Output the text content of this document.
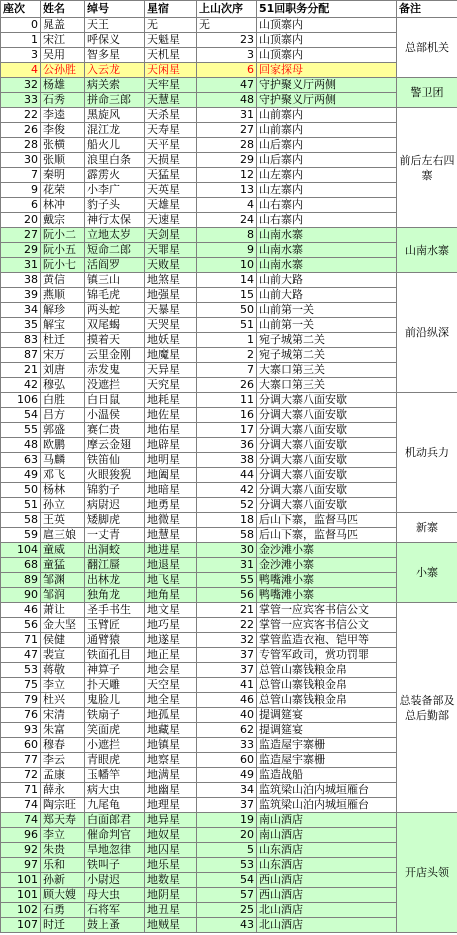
座次	姓名	绰号	星宿	上山次序	51回职务分配	备注
0	晁盖	天王	无	无	山顶寨内	总部机关
1	宋江	呼保义	天魁星	23	山顶寨内	
3	吴用	智多星	天机星	3	山顶寨内	
4	公孙胜	入云龙	天闲星	6	回家探母	
32	杨雄	病关索	天牢星	47	守护聚义厅两侧	警卫团
33	石秀	拼命三郎	天慧星	48	守护聚义厅两侧	
22	李逵	黑旋风	天杀星	31	山前寨内	前后左右四寨
26	李俊	混江龙	天寿星	27	山前寨内	
28	张横	船火儿	天平星	28	山后寨内	
30	张顺	浪里白条	天损星	29	山后寨内	
7	秦明	霹雳火	天猛星	12	山左寨内	
9	花荣	小李广	天英星	13	山左寨内	
6	林冲	豹子头	天雄星	4	山右寨内	
20	戴宗	神行太保	天速星	24	山右寨内	
27	阮小二	立地太岁	天剑星	8	山南水寨	山南水寨
29	阮小五	短命二郎	天罪星	9	山南水寨	
31	阮小七	活阎罗	天败星	10	山南水寨	
38	黄信	镇三山	地煞星	14	山前大路	前沿纵深
39	燕顺	锦毛虎	地强星	15	山前大路	
34	解珍	两头蛇	天暴星	50	山前第一关	
35	解宝	双尾蝎	天哭星	51	山前第一关	
83	杜迁	摸着天	地妖星	1	宛子城第二关	
87	宋万	云里金刚	地魔星	2	宛子城第二关	
21	刘唐	赤发鬼	天异星	7	大寨口第三关	
42	穆弘	没遮拦	天究星	26	大寨口第三关	
106	白胜	白日鼠	地耗星	11	分调大寨八面安歇	机动兵力
54	吕方	小温侯	地佐星	16	分调大寨八面安歇	
55	郭盛	赛仁贵	地佑星	17	分调大寨八面安歇	
48	欧鹏	摩云金翅	地辟星	36	分调大寨八面安歇	
63	马麟	铁笛仙	地明星	38	分调大寨八面安歇	
49	邓飞	火眼狻猊	地阖星	44	分调大寨八面安歇	
50	杨林	锦豹子	地暗星	42	分调大寨八面安歇	
51	孙立	病尉迟	地勇星	52	分调大寨八面安歇	
58	王英	矮脚虎	地微星	18	后山下寨，监督马匹	新寨
59	扈三娘	一丈青	地慧星	58	后山下寨，监督马匹	
104	童威	出洞蛟	地进星	30	金沙滩小寨	小寨
68	童猛	翻江蜃	地退星	31	金沙滩小寨	
89	邹渊	出林龙	地飞星	55	鸭嘴滩小寨	
90	邹润	独角龙	地角星	56	鸭嘴滩小寨	
46	萧让	圣手书生	地文星	21	掌管一应宾客书信公文	总装备部及总后勤部
56	金大坚	玉臂匠	地巧星	22	掌管一应宾客书信公文	
71	侯健	通臂猿	地遂星	32	掌管监造衣袍、铠甲等	
47	裴宣	铁面孔目	地正星	37	专管军政司，赏功罚罪	
53	蒋敬	神算子	地会星	37	总管山寨钱粮金帛	
75	李立	扑天雕	天空星	41	总管山寨钱粮金帛	
79	杜兴	鬼脸儿	地全星	46	总管山寨钱粮金帛	
76	宋清	铁扇子	地孤星	40	提调筵宴	
93	朱富	笑面虎	地藏星	62	提调筵宴	
60	穆春	小遮拦	地镇星	33	监造屋宇寨栅	
77	李云	青眼虎	地察星	60	监造屋宇寨栅	
72	孟康	玉幡竿	地满星	49	监造战船	
71	薛永	病大虫	地幽星	34	监筑梁山泊内城垣雁台	
74	陶宗旺	九尾龟	地理星	37	监筑梁山泊内城垣雁台	
74	郑天寿	白面郎君	地异星	19	南山酒店	开店头领
96	李立	催命判官	地奴星	20	南山酒店	
92	朱贵	旱地忽律	地囚星	5	山东酒店	
97	乐和	铁叫子	地乐星	53	山东酒店	
101	孙新	小尉迟	地数星	54	西山酒店	
101	顾大嫂	母大虫	地阴星	57	西山酒店	
102	石勇	石将军	地丑星	25	北山酒店	
107	时迁	鼓上蚤	地贼星	43	北山酒店	
